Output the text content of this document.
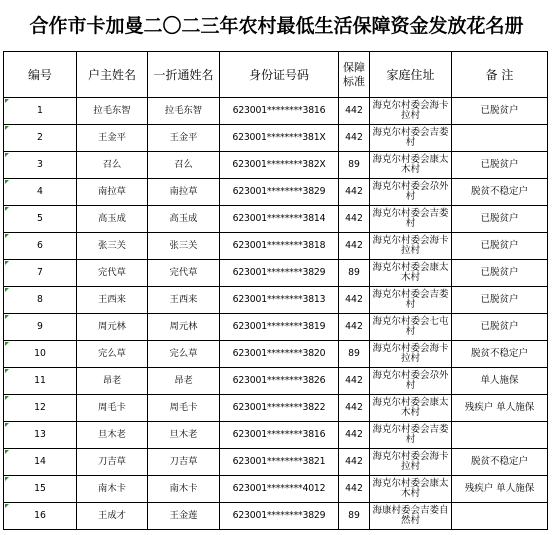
合作市卡加曼二〇二三年农村最低生活保障资金发放花名册
编号	户主姓名	一折通姓名	身份证号码	保障标准	家庭住址	备 注

1	拉毛东智	拉毛东智	623001********3816	442	海克尔村委会海卡拉村	已脱贫户

2	王金平	王金平	623001********381X	442	海克尔村委会吉娄村	

3	召么	召么	623001********382X	89	海克尔村委会康太木村	已脱贫户

4	南拉草	南拉草	623001********3829	442	海克尔村委会尕外村	脱贫不稳定户

5	高玉成	高玉成	623001********3814	442	海克尔村委会吉娄村	已脱贫户

6	张三关	张三关	623001********3818	442	海克尔村委会海卡拉村	已脱贫户

7	完代草	完代草	623001********3829	89	海克尔村委会康太木村	已脱贫户

8	王西来	王西来	623001********3813	442	海克尔村委会吉娄村	已脱贫户

9	周元林	周元林	623001********3819	442	海克尔村委会七屯村	已脱贫户

10	完么草	完么草	623001********3820	89	海克尔村委会海卡拉村	脱贫不稳定户

11	昂老	昂老	623001********3826	442	海克尔村委会尕外村	单人施保

12	周毛卡	周毛卡	623001********3822	442	海克尔村委会康太木村	残疾户 单人施保

13	旦木老	旦木老	623001********3816	442	海克尔村委会吉娄村	

14	刀吉草	刀吉草	623001********3821	442	海克尔村委会海卡拉村	脱贫不稳定户

15	南木卡	南木卡	623001********4012	442	海克尔村委会康太木村	残疾户 单人施保

16	王成才	王金莲	623001********3829	89	海康村委会吉娄自然村	
